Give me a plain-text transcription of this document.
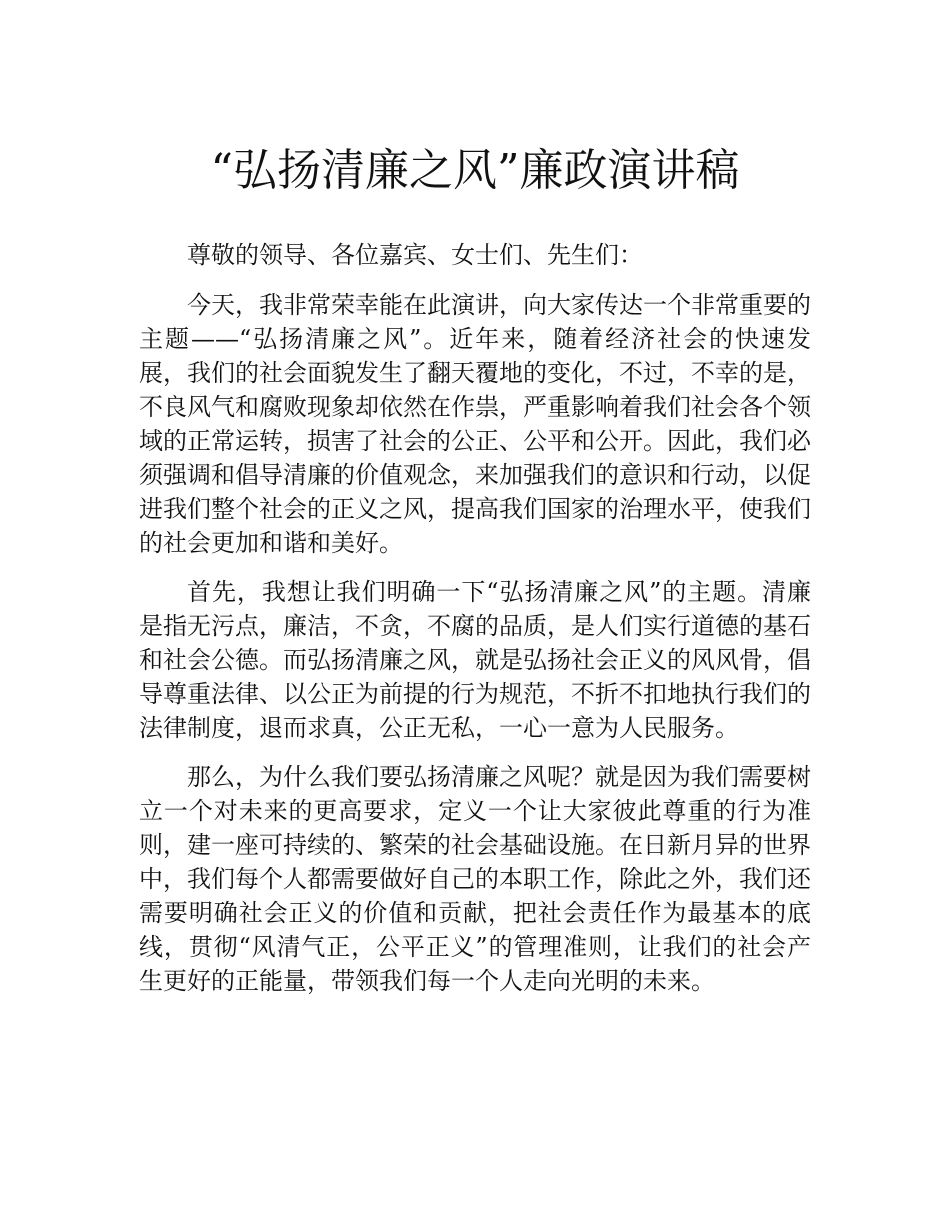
“弘扬清廉之风”廉政演讲稿

尊敬的领导、各位嘉宾、女士们、先生们：

今天，我非常荣幸能在此演讲，向大家传达一个非常重要的主题——“弘扬清廉之风”。近年来，随着经济社会的快速发展，我们的社会面貌发生了翻天覆地的变化，不过，不幸的是，不良风气和腐败现象却依然在作祟，严重影响着我们社会各个领域的正常运转，损害了社会的公正、公平和公开。因此，我们必须强调和倡导清廉的价值观念，来加强我们的意识和行动，以促进我们整个社会的正义之风，提高我们国家的治理水平，使我们的社会更加和谐和美好。

首先，我想让我们明确一下“弘扬清廉之风”的主题。清廉是指无污点，廉洁，不贪，不腐的品质，是人们实行道德的基石和社会公德。而弘扬清廉之风，就是弘扬社会正义的风风骨，倡导尊重法律、以公正为前提的行为规范，不折不扣地执行我们的法律制度，退而求真，公正无私，一心一意为人民服务。

那么，为什么我们要弘扬清廉之风呢？就是因为我们需要树立一个对未来的更高要求，定义一个让大家彼此尊重的行为准则，建一座可持续的、繁荣的社会基础设施。在日新月异的世界中，我们每个人都需要做好自己的本职工作，除此之外，我们还需要明确社会正义的价值和贡献，把社会责任作为最基本的底线，贯彻“风清气正，公平正义”的管理准则，让我们的社会产生更好的正能量，带领我们每一个人走向光明的未来。
